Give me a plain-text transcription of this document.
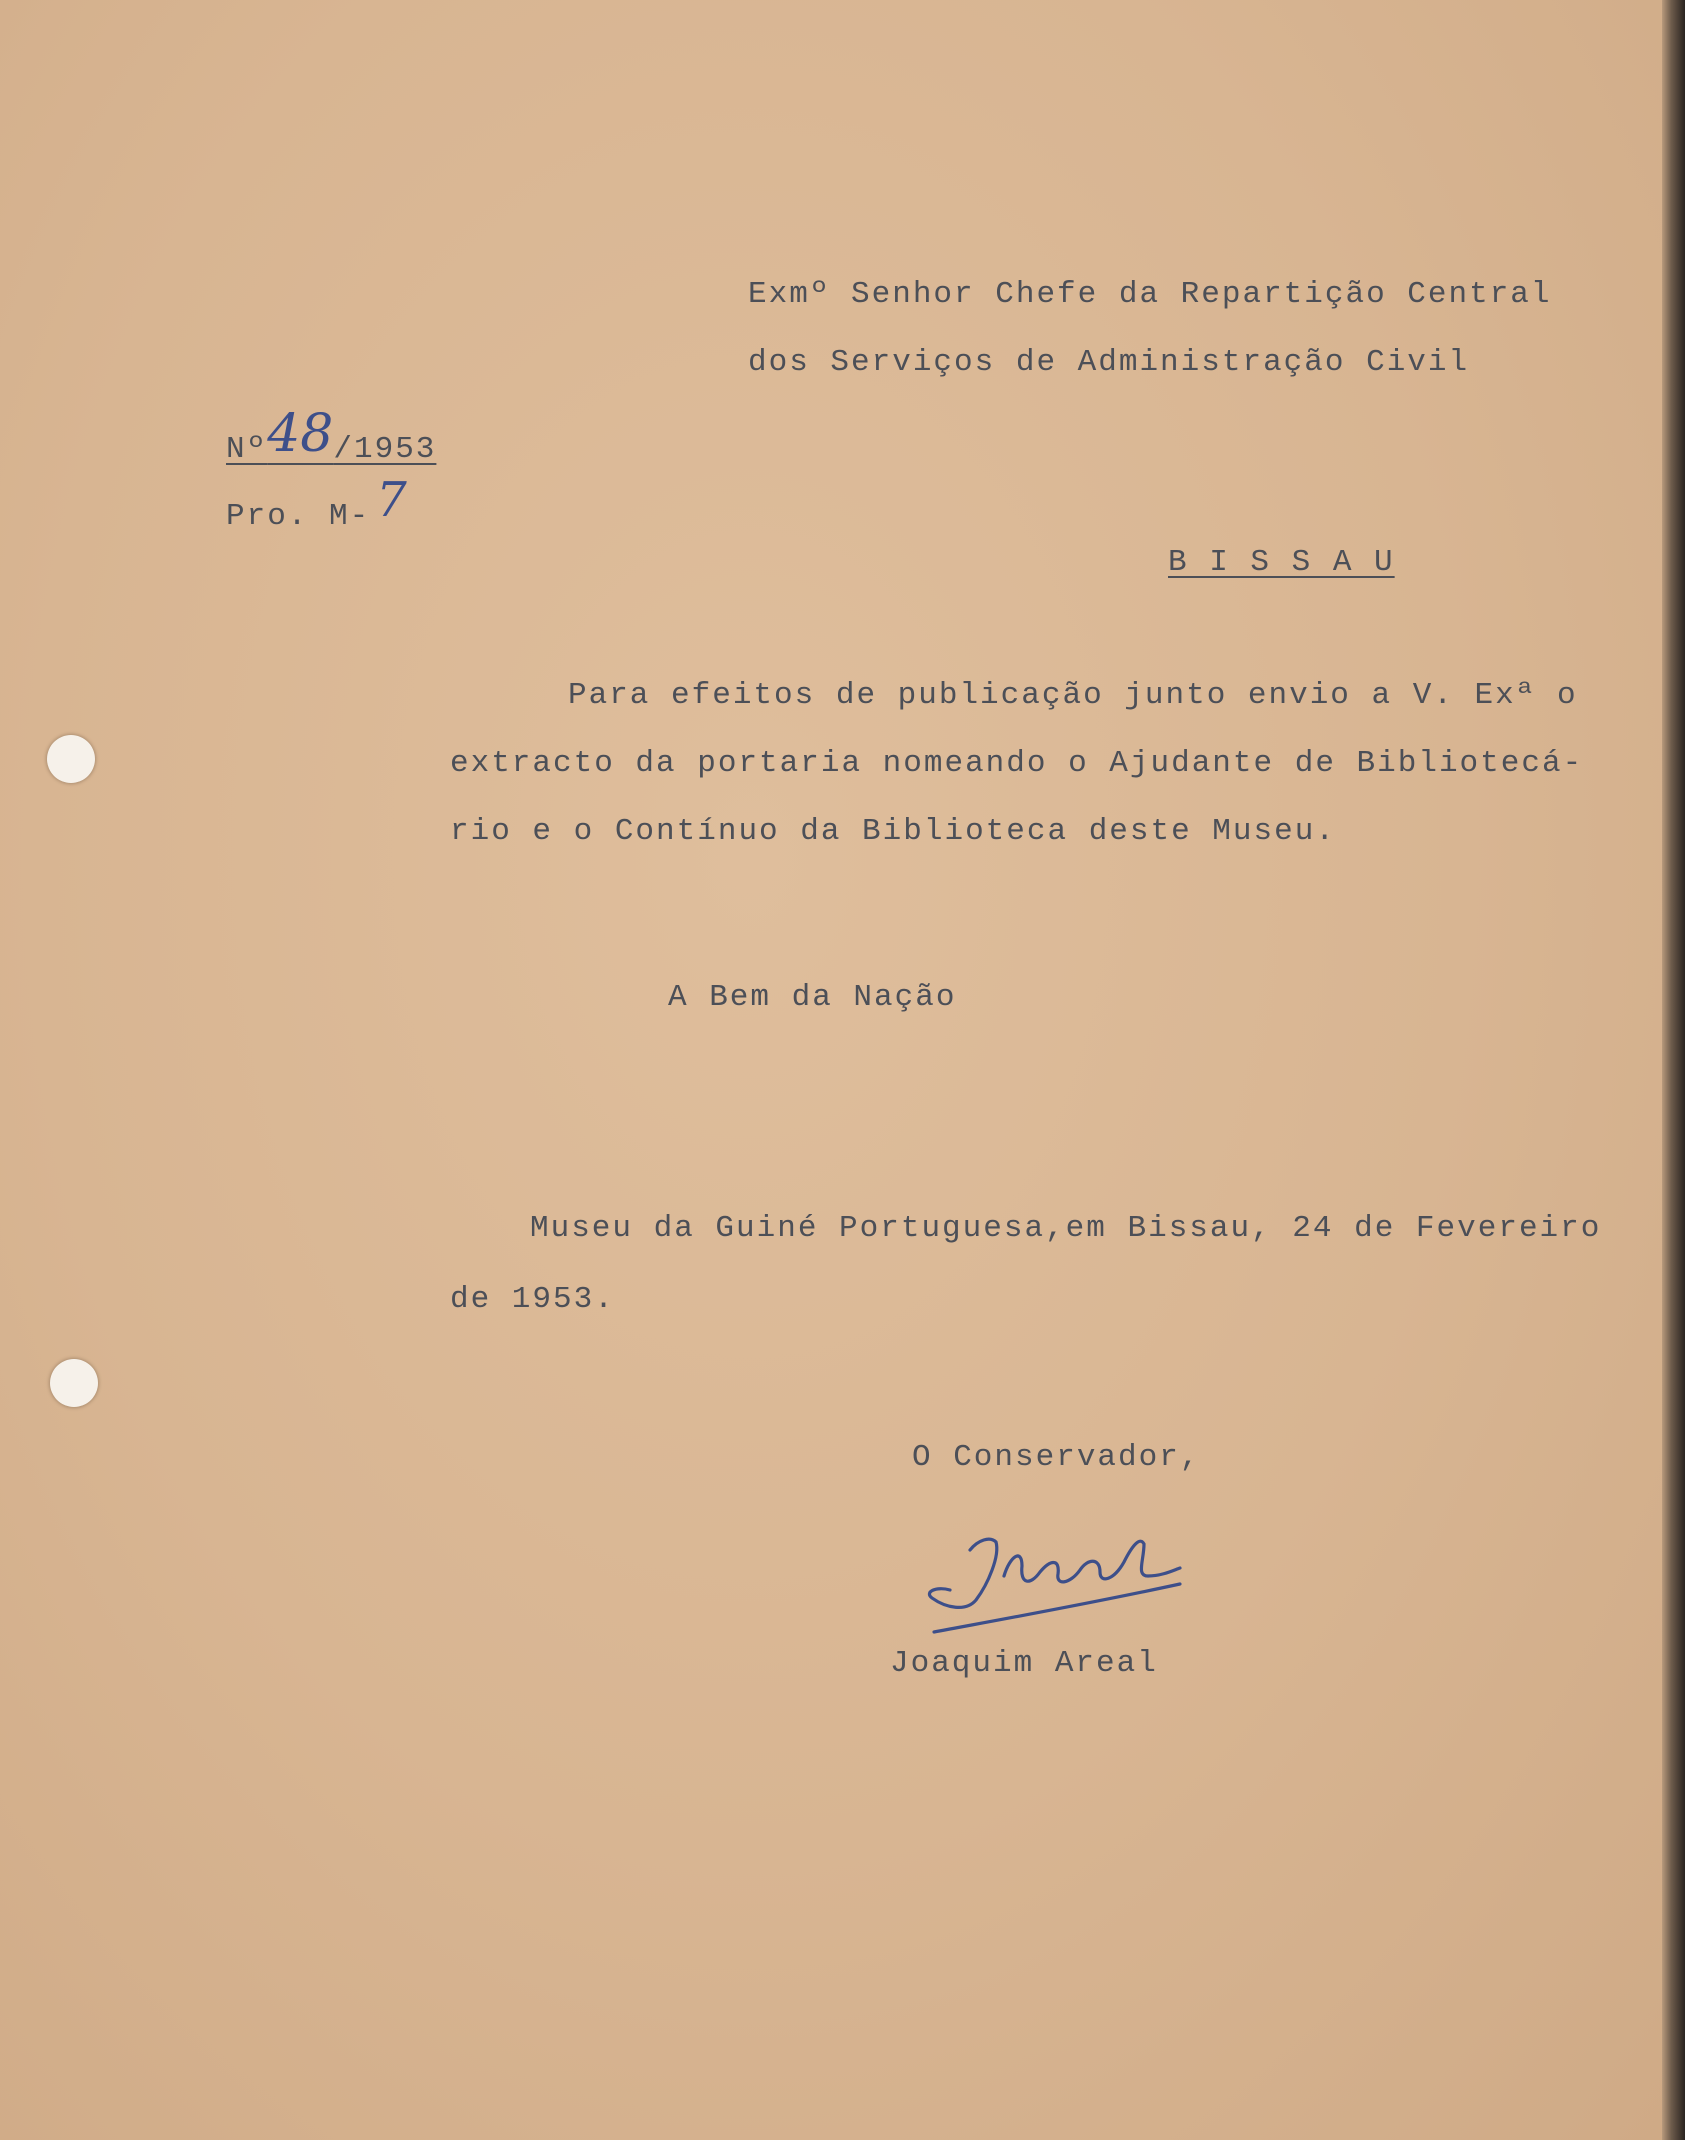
Exmº Senhor Chefe da Repartição Central
dos Serviços de Administração Civil
Nº48/1953
Pro. M- 7
B I S S A U
Para efeitos de publicação junto envio a V. Exª o
extracto da portaria nomeando o Ajudante de Bibliotecá-
rio e o Contínuo da Biblioteca deste Museu.
A Bem da Nação
Museu da Guiné Portuguesa,em Bissau, 24 de Fevereiro
de 1953.
O Conservador,
Joaquim Areal
